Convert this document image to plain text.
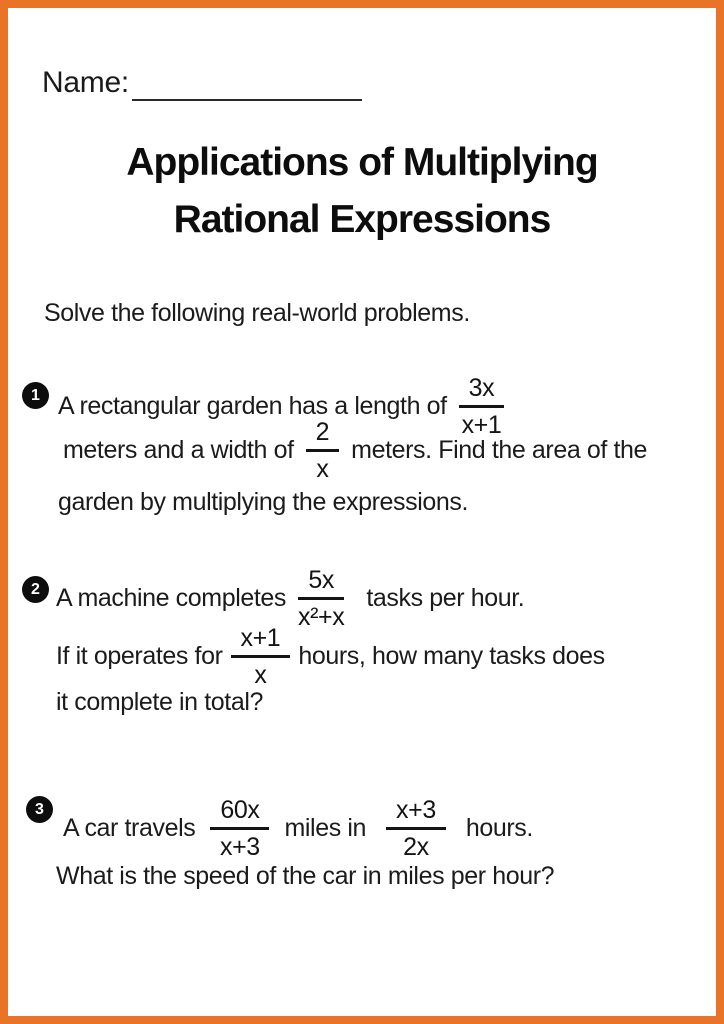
Name:
Applications of Multiplying
Rational Expressions
Solve the following real-world problems.
1 A rectangular garden has a length of $\frac{3x}{x+1}$
meters and a width of $\frac{2}{x}$ meters. Find the area of the
garden by multiplying the expressions.
2 A machine completes $\frac{5x}{\text{x²+x}}$ tasks per hour.
If it operates for $\frac{x+1}{x}$ hours, how many tasks does
it complete in total?
3
A car travels $\frac{60x}{x+3}$ miles in $\frac{x+3}{2x}$ hours.
What is the speed of the car in miles per hour?
